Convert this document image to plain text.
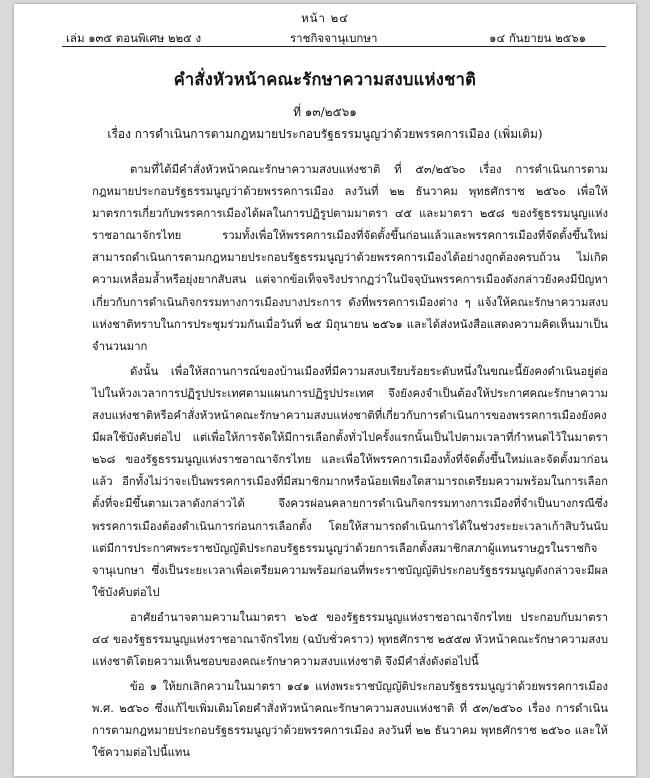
หน้า ๒๔
เล่ม ๑๓๕ ตอนพิเศษ ๒๒๕ ง	ราชกิจจานุเบกษา	๑๔ กันยายน ๒๕๖๑
คำสั่งหัวหน้าคณะรักษาความสงบแห่งชาติ
ที่ ๑๓/๒๕๖๑
เรื่อง การดำเนินการตามกฎหมายประกอบรัฐธรรมนูญว่าด้วยพรรคการเมือง (เพิ่มเติม)

ตามที่ได้มีคำสั่งหัวหน้าคณะรักษาความสงบแห่งชาติ ที่ ๕๓/๒๕๖๐ เรื่อง การดำเนินการตามกฎหมายประกอบรัฐธรรมนูญว่าด้วยพรรคการเมือง ลงวันที่ ๒๒ ธันวาคม พุทธศักราช ๒๕๖๐ เพื่อให้มาตรการเกี่ยวกับพรรคการเมืองได้ผลในการปฏิรูปตามมาตรา ๔๕ และมาตรา ๒๕๘ ของรัฐธรรมนูญแห่งราชอาณาจักรไทย รวมทั้งเพื่อให้พรรคการเมืองที่จัดตั้งขึ้นก่อนแล้วและพรรคการเมืองที่จัดตั้งขึ้นใหม่สามารถดำเนินการตามกฎหมายประกอบรัฐธรรมนูญว่าด้วยพรรคการเมืองได้อย่างถูกต้องครบถ้วน ไม่เกิดความเหลื่อมล้ำหรือยุ่งยากสับสน แต่จากข้อเท็จจริงปรากฏว่าในปัจจุบันพรรคการเมืองดังกล่าวยังคงมีปัญหาเกี่ยวกับการดำเนินกิจกรรมทางการเมืองบางประการ ดังที่พรรคการเมืองต่าง ๆ แจ้งให้คณะรักษาความสงบแห่งชาติทราบในการประชุมร่วมกันเมื่อวันที่ ๒๕ มิถุนายน ๒๕๖๑ และได้ส่งหนังสือแสดงความคิดเห็นมาเป็นจำนวนมาก

ดังนั้น เพื่อให้สถานการณ์ของบ้านเมืองที่มีความสงบเรียบร้อยระดับหนึ่งในขณะนี้ยังคงดำเนินอยู่ต่อไปในห้วงเวลาการปฏิรูปประเทศตามแผนการปฏิรูปประเทศ จึงยังคงจำเป็นต้องให้ประกาศคณะรักษาความสงบแห่งชาติหรือคำสั่งหัวหน้าคณะรักษาความสงบแห่งชาติที่เกี่ยวกับการดำเนินการของพรรคการเมืองยังคงมีผลใช้บังคับต่อไป แต่เพื่อให้การจัดให้มีการเลือกตั้งทั่วไปครั้งแรกนั้นเป็นไปตามเวลาที่กำหนดไว้ในมาตรา ๒๖๘ ของรัฐธรรมนูญแห่งราชอาณาจักรไทย และเพื่อให้พรรคการเมืองทั้งที่จัดตั้งขึ้นใหม่และจัดตั้งมาก่อนแล้ว อีกทั้งไม่ว่าจะเป็นพรรคการเมืองที่มีสมาชิกมากหรือน้อยเพียงใดสามารถเตรียมความพร้อมในการเลือกตั้งที่จะมีขึ้นตามเวลาดังกล่าวได้ จึงควรผ่อนคลายการดำเนินกิจกรรมทางการเมืองที่จำเป็นบางกรณีซึ่งพรรคการเมืองต้องดำเนินการก่อนการเลือกตั้ง โดยให้สามารถดำเนินการได้ในช่วงระยะเวลาเก้าสิบวันนับแต่มีการประกาศพระราชบัญญัติประกอบรัฐธรรมนูญว่าด้วยการเลือกตั้งสมาชิกสภาผู้แทนราษฎรในราชกิจจานุเบกษา ซึ่งเป็นระยะเวลาเพื่อเตรียมความพร้อมก่อนที่พระราชบัญญัติประกอบรัฐธรรมนูญดังกล่าวจะมีผลใช้บังคับต่อไป

อาศัยอำนาจตามความในมาตรา ๒๖๕ ของรัฐธรรมนูญแห่งราชอาณาจักรไทย ประกอบกับมาตรา ๔๔ ของรัฐธรรมนูญแห่งราชอาณาจักรไทย (ฉบับชั่วคราว) พุทธศักราช ๒๕๕๗ หัวหน้าคณะรักษาความสงบแห่งชาติโดยความเห็นชอบของคณะรักษาความสงบแห่งชาติ จึงมีคำสั่งดังต่อไปนี้

ข้อ ๑ ให้ยกเลิกความในมาตรา ๑๔๑ แห่งพระราชบัญญัติประกอบรัฐธรรมนูญว่าด้วยพรรคการเมือง พ.ศ. ๒๕๖๐ ซึ่งแก้ไขเพิ่มเติมโดยคำสั่งหัวหน้าคณะรักษาความสงบแห่งชาติ ที่ ๕๓/๒๕๖๐ เรื่อง การดำเนินการตามกฎหมายประกอบรัฐธรรมนูญว่าด้วยพรรคการเมือง ลงวันที่ ๒๒ ธันวาคม พุทธศักราช ๒๕๖๐ และให้ใช้ความต่อไปนี้แทน
